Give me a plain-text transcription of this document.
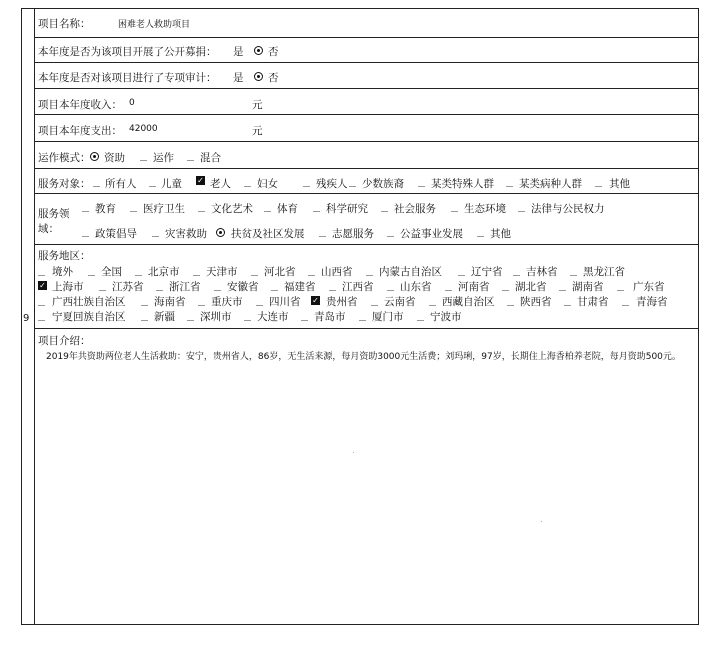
9
项目名称：	困难老人救助项目
本年度是否为该项目开展了公开募捐： 是 否
本年度是否对该项目进行了专项审计： 是 否
项目本年度收入： 0	元
项目本年度支出： 42000	元
运作模式： 资助	运作 混合
服务对象： 所有人 儿童 ✓ 老人 妇女	残疾人 少数族裔	某类特殊人群 某类病种人群	其他
服务领
域：
教育	医疗卫生 文化艺术 体育	科学研究 社会服务	生态环境 法律与公民权力
政策倡导	灾害救助 扶贫及社区发展	志愿服务 公益事业发展	其他
服务地区：
境外	全国 北京市	天津市	河北省 山西省	内蒙古自治区	辽宁省 吉林省 黑龙江省
✓ 上海市	江苏省 浙江省	安徽省 福建省	江西省	山东省	河南省 湖北省 湖南省	广东省
广西壮族自治区	海南省 重庆市	四川省 ✓ 贵州省	云南省	西藏自治区 陕西省 甘肃省	青海省
宁夏回族自治区	新疆 深圳市 大连市 青岛市	厦门市	宁波市
项目介绍：
2019年共资助两位老人生活救助：安宁，贵州省人，86岁，无生活来源，每月资助3000元生活费；刘玛琍，97岁，长期住上海香柏养老院，每月资助500元。
